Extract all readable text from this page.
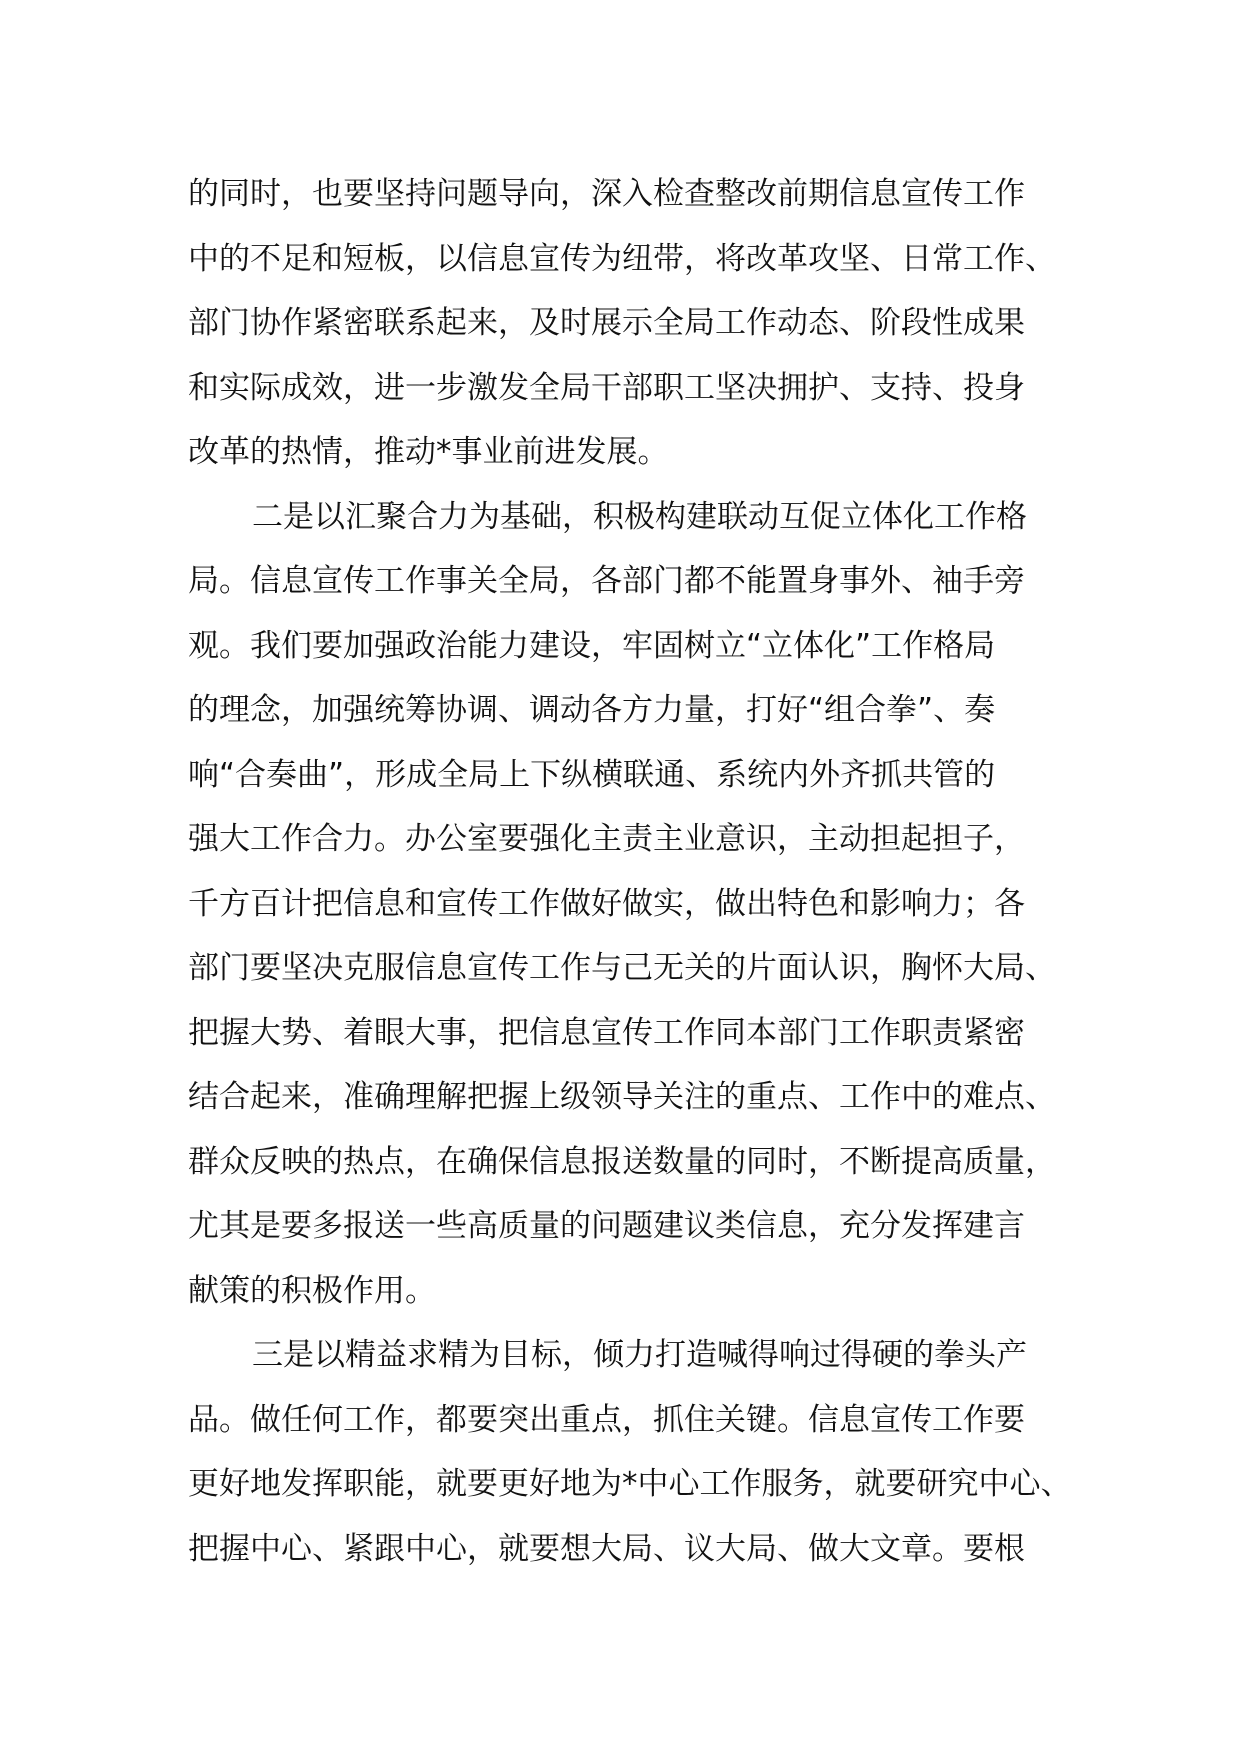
的同时，也要坚持问题导向，深入检查整改前期信息宣传工作
中的不足和短板，以信息宣传为纽带，将改革攻坚、日常工作、
部门协作紧密联系起来，及时展示全局工作动态、阶段性成果
和实际成效，进一步激发全局干部职工坚决拥护、支持、投身
改革的热情，推动*事业前进发展。
二是以汇聚合力为基础，积极构建联动互促立体化工作格
局。信息宣传工作事关全局，各部门都不能置身事外、袖手旁
观。我们要加强政治能力建设，牢固树立“立体化”工作格局
的理念，加强统筹协调、调动各方力量，打好“组合拳”、奏
响“合奏曲”，形成全局上下纵横联通、系统内外齐抓共管的
强大工作合力。办公室要强化主责主业意识，主动担起担子，
千方百计把信息和宣传工作做好做实，做出特色和影响力；各
部门要坚决克服信息宣传工作与己无关的片面认识，胸怀大局、
把握大势、着眼大事，把信息宣传工作同本部门工作职责紧密
结合起来，准确理解把握上级领导关注的重点、工作中的难点、
群众反映的热点，在确保信息报送数量的同时，不断提高质量，
尤其是要多报送一些高质量的问题建议类信息，充分发挥建言
献策的积极作用。
三是以精益求精为目标，倾力打造喊得响过得硬的拳头产
品。做任何工作，都要突出重点，抓住关键。信息宣传工作要
更好地发挥职能，就要更好地为*中心工作服务，就要研究中心、
把握中心、紧跟中心，就要想大局、议大局、做大文章。要根
